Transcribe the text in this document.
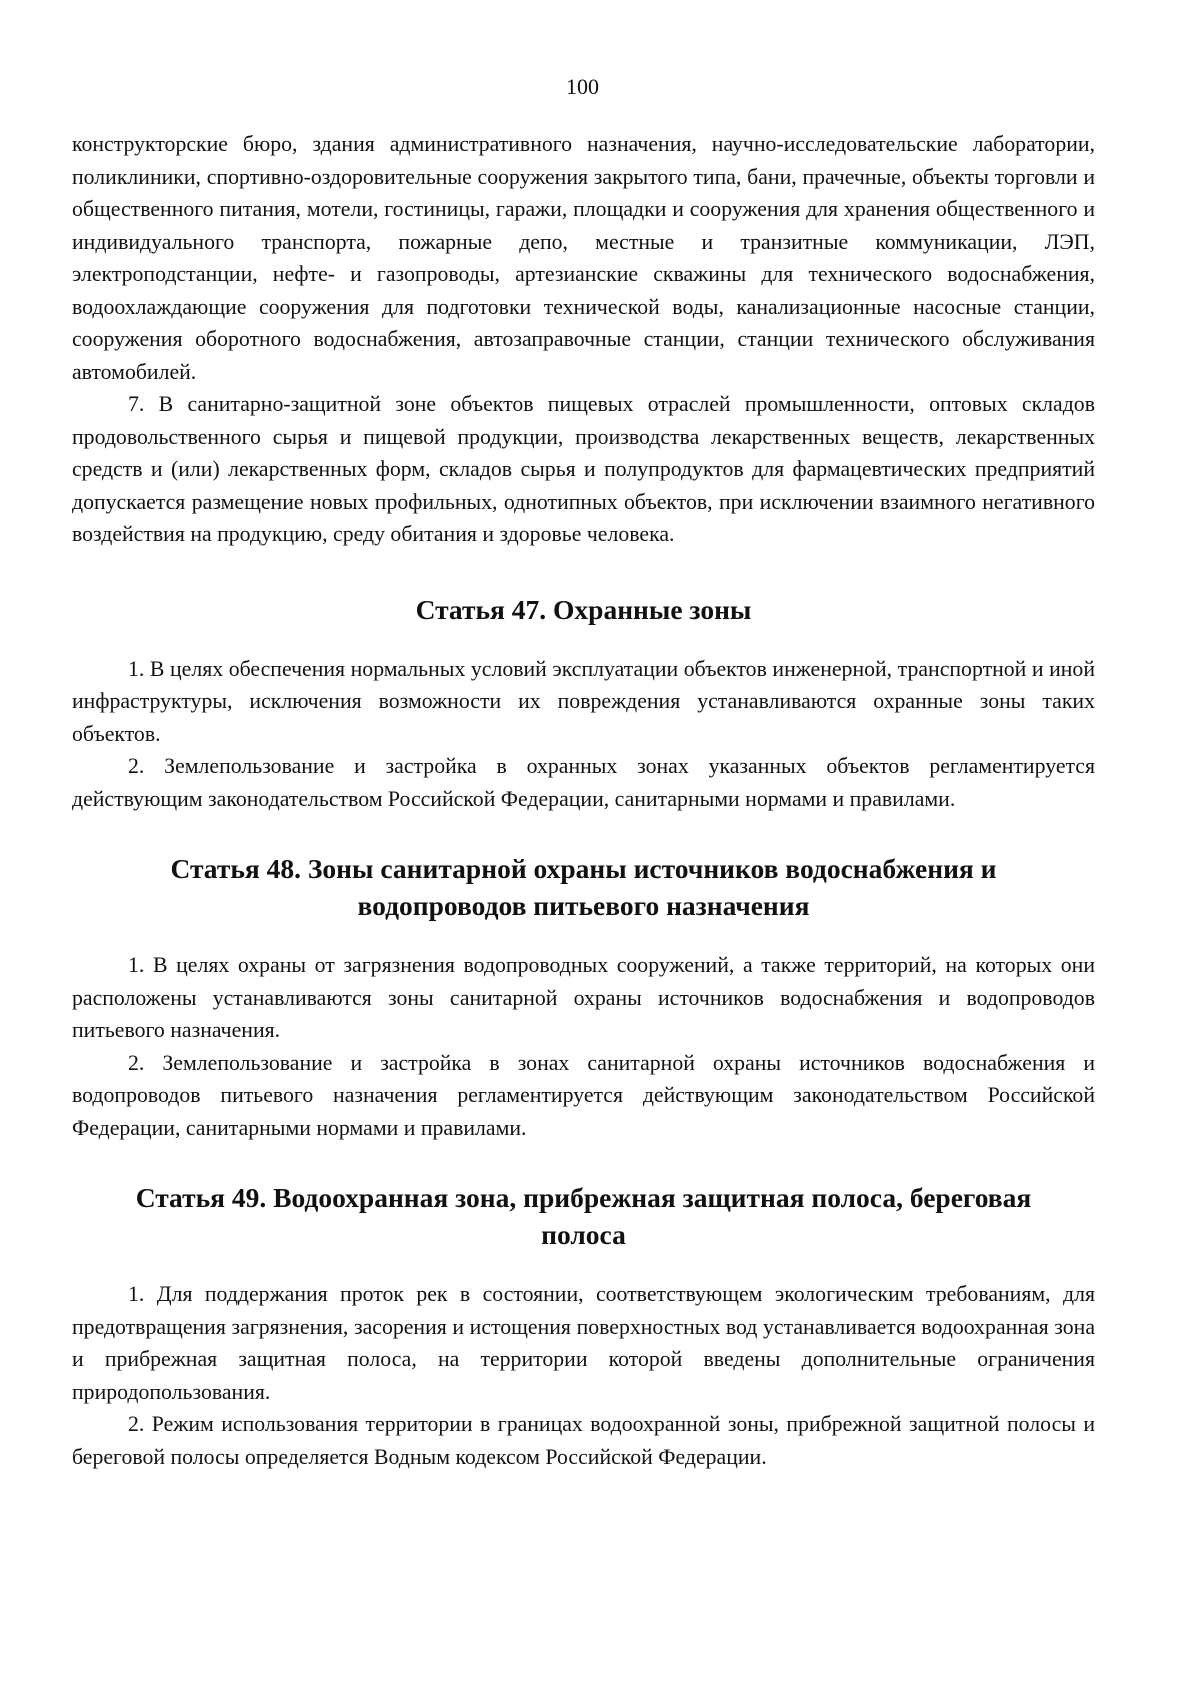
100

конструкторские бюро, здания административного назначения, научно-исследовательские лаборатории, поликлиники, спортивно-оздоровительные сооружения закрытого типа, бани, прачечные, объекты торговли и общественного питания, мотели, гостиницы, гаражи, площадки и сооружения для хранения общественного и индивидуального транспорта, пожарные депо, местные и транзитные коммуникации, ЛЭП, электроподстанции, нефте- и газопроводы, артезианские скважины для технического водоснабжения, водоохлаждающие сооружения для подготовки технической воды, канализационные насосные станции, сооружения оборотного водоснабжения, автозаправочные станции, станции технического обслуживания автомобилей.

7. В санитарно-защитной зоне объектов пищевых отраслей промышленности, оптовых складов продовольственного сырья и пищевой продукции, производства лекарственных веществ, лекарственных средств и (или) лекарственных форм, складов сырья и полупродуктов для фармацевтических предприятий допускается размещение новых профильных, однотипных объектов, при исключении взаимного негативного воздействия на продукцию, среду обитания и здоровье человека.

Статья 47. Охранные зоны

1. В целях обеспечения нормальных условий эксплуатации объектов инженерной, транспортной и иной инфраструктуры, исключения возможности их повреждения устанавливаются охранные зоны таких объектов.

2. Землепользование и застройка в охранных зонах указанных объектов регламентируется действующим законодательством Российской Федерации, санитарными нормами и правилами.

Статья 48. Зоны санитарной охраны источников водоснабжения и
водопроводов питьевого назначения

1. В целях охраны от загрязнения водопроводных сооружений, а также территорий, на которых они расположены устанавливаются зоны санитарной охраны источников водоснабжения и водопроводов питьевого назначения.

2. Землепользование и застройка в зонах санитарной охраны источников водоснабжения и водопроводов питьевого назначения регламентируется действующим законодательством Российской Федерации, санитарными нормами и правилами.

Статья 49. Водоохранная зона, прибрежная защитная полоса, береговая
полоса

1. Для поддержания проток рек в состоянии, соответствующем экологическим требованиям, для предотвращения загрязнения, засорения и истощения поверхностных вод устанавливается водоохранная зона и прибрежная защитная полоса, на территории которой введены дополнительные ограничения природопользования.

2. Режим использования территории в границах водоохранной зоны, прибрежной защитной полосы и береговой полосы определяется Водным кодексом Российской Федерации.
